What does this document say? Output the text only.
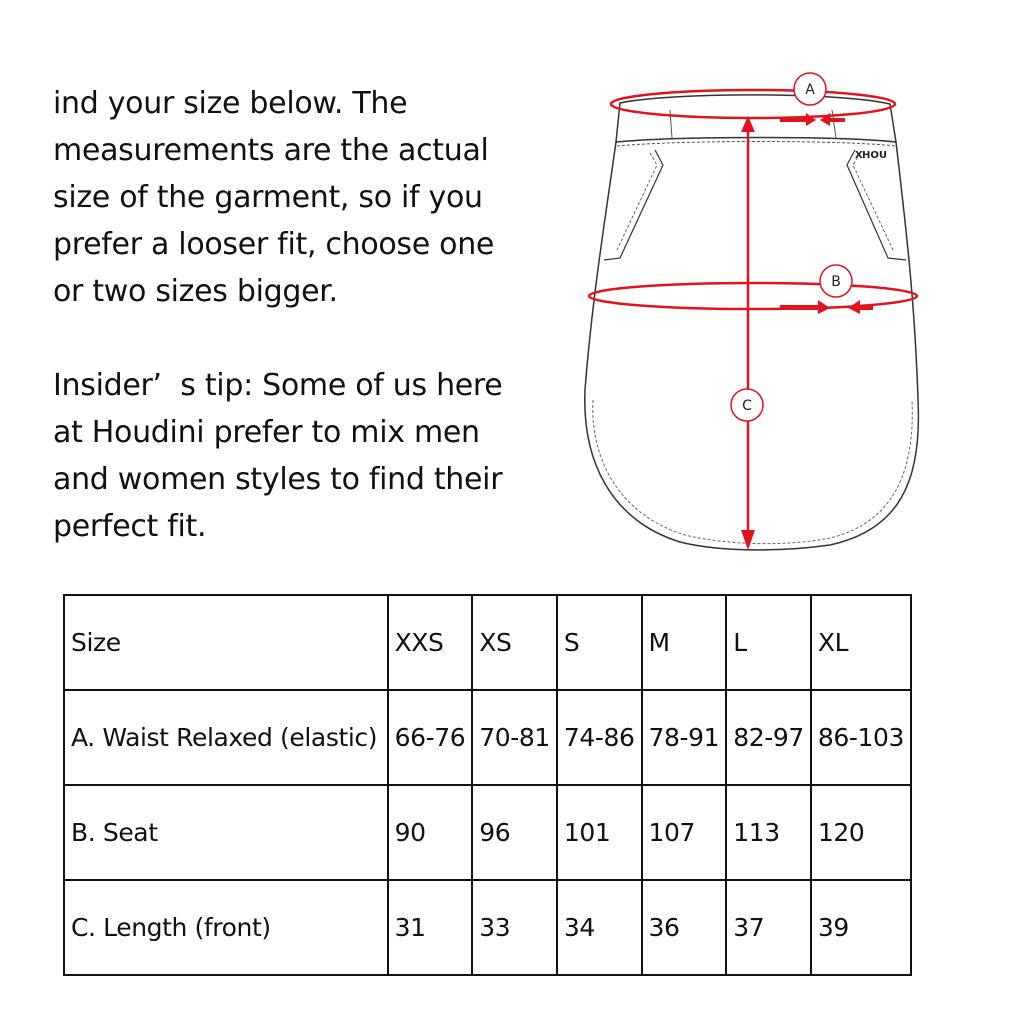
ind your size below. The measurements are the actual size of the garment, so if you prefer a looser fit, choose one or two sizes bigger.

Insider’  s tip: Some of us here at Houdini prefer to mix men and women styles to find their perfect fit.

HOU
X
A
B
C
Size	XXS	XS	S	M	L	XL
A. Waist Relaxed (elastic)	66-76	70-81	74-86	78-91	82-97	86-103
B. Seat	90	96	101	107	113	120
C. Length (front)	31	33	34	36	37	39
